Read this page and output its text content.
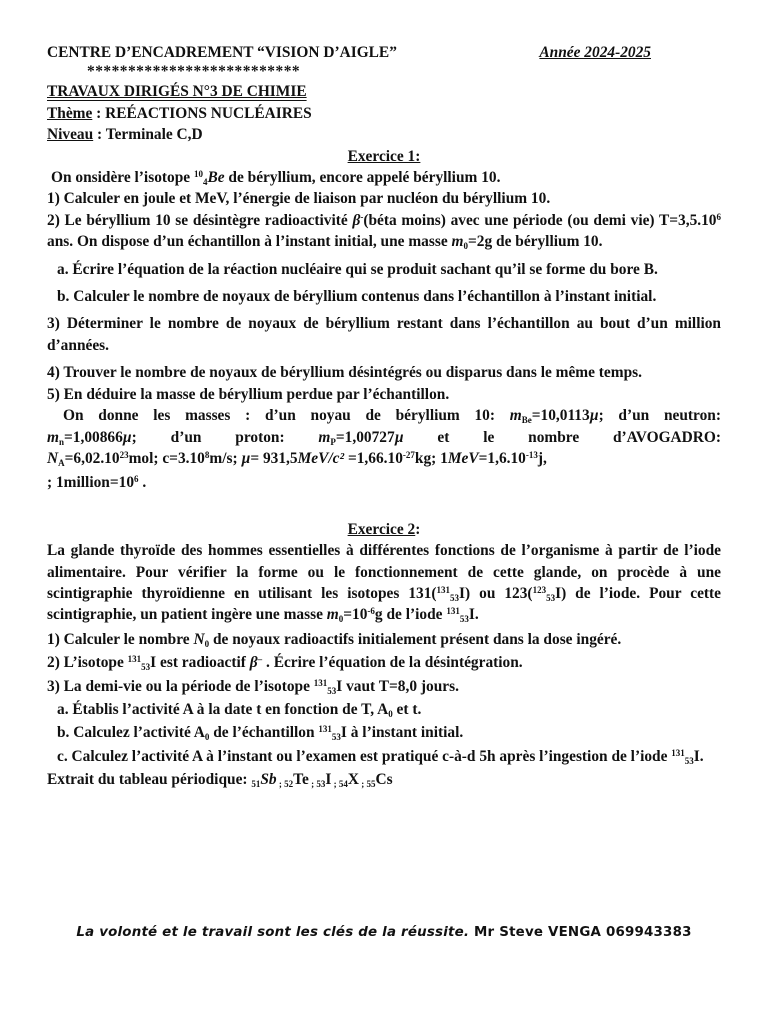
CENTRE D’ENCADREMENT “VISION D’AIGLE”	Année 2024-2025
**************************
TRAVAUX DIRIGÉS N°3 DE CHIMIE
Thème : REÉACTIONS NUCLÉAIRES
Niveau : Terminale C,D
Exercice 1:

On onsidère l’isotope $^{10}_4$Be de béryllium, encore appelé béryllium 10.

1) Calculer en joule et MeV, l’énergie de liaison par nucléon du béryllium 10.

2) Le béryllium 10 se désintègre radioactivité β-(béta moins) avec une période (ou demi vie) $T=3,5.10^6$ ans. On dispose d’un échantillon à l’instant initial, une masse $m_0=2g$ de béryllium 10.

a. Écrire l’équation de la réaction nucléaire qui se produit sachant qu’il se forme du bore B.

b. Calculer le nombre de noyaux de béryllium contenus dans l’échantillon à l’instant initial.

3) Déterminer le nombre de noyaux de béryllium restant dans l’échantillon au bout d’un million d’années.

4) Trouver le nombre de noyaux de béryllium désintégrés ou disparus dans le même temps.

5) En déduire la masse de béryllium perdue par l’échantillon.

On donne les masses : d’un noyau de béryllium 10: $m_{Be}=10,0113\mu$; d’un neutron:

$m_n=1,00866\mu$; d’un proton: $m_P=1,00727\mu$ et le nombre d’AVOGADRO:

$N_A=6,02.10^{23}mol$; $c=3.10^8m/s$; $\mu= 931,5MeV/c^2 =1,66.10^{-27}kg$; $1MeV=1,6.10^{-13}j$,

; $1million=10^6$ .

Exercice 2:

La glande thyroïde des hommes essentielles à différentes fonctions de l’organisme à partir de l’iode alimentaire. Pour vérifier la forme ou le fonctionnement de cette glande, on procède à une scintigraphie thyroïdienne en utilisant les isotopes 131($^{131}_{53}$I) ou 123($^{123}_{53}$I) de l’iode. Pour cette scintigraphie, un patient ingère une masse $m_0=10^{-6}g$ de l’iode $^{131}_{53}$I.

1) Calculer le nombre $N_0$ de noyaux radioactifs initialement présent dans la dose ingéré.

2) L’isotope $^{131}_{53}$I est radioactif β– . Écrire l’équation de la désintégration.

3) La demi-vie ou la période de l’isotope $^{131}_{53}$I vaut T=8,0 jours.

a. Établis l’activité A à la date t en fonction de T, $A_0$ et t.

b. Calculez l’activité $A_0$ de l’échantillon $^{131}_{53}$I à l’instant initial.

c. Calculez l’activité A à l’instant ou l’examen est pratiqué c-à-d 5h après l’ingestion de l’iode $^{131}_{53}$I.

Extrait du tableau périodique: $_{51}$Sb $_;$ $_{52}$Te $_;$ $_{53}$I $_;$ $_{54}$X $_;$ $_{55}$Cs

La volonté et le travail sont les clés de la réussite. Mr Steve VENGA 069943383
